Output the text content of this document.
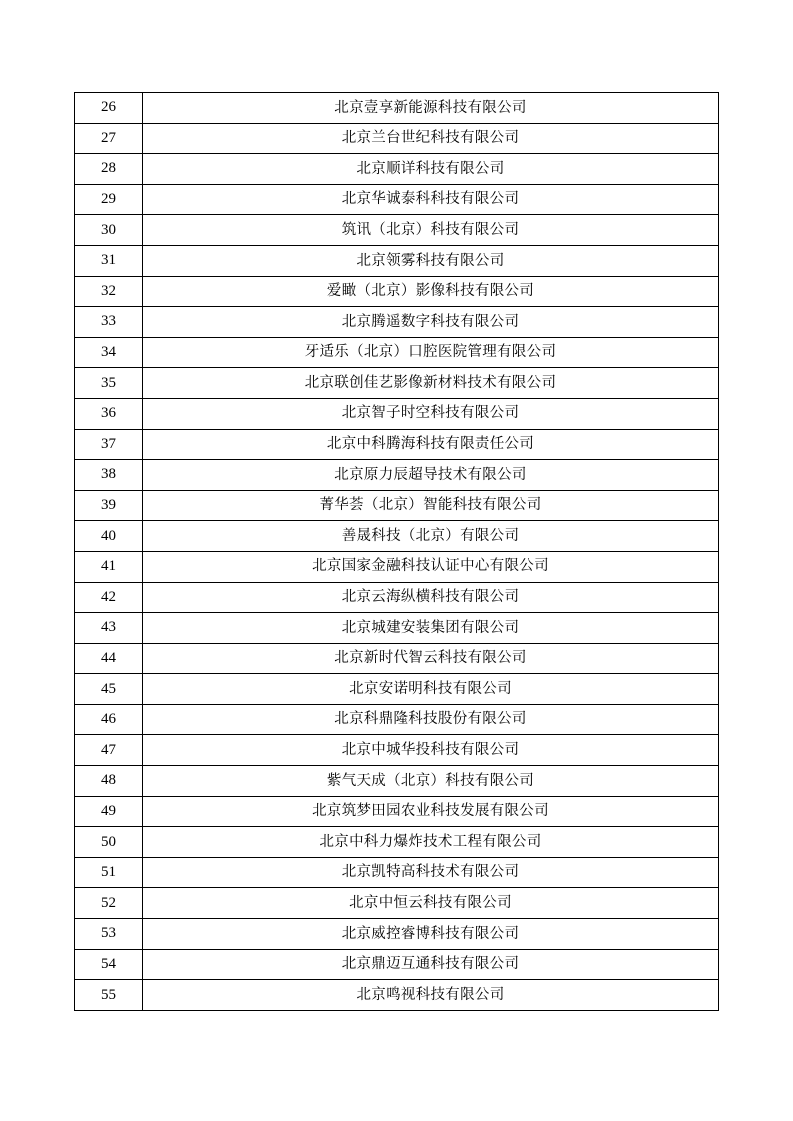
26	北京壹享新能源科技有限公司
27	北京兰台世纪科技有限公司
28	北京顺详科技有限公司
29	北京华诚泰科科技有限公司
30	筑讯（北京）科技有限公司
31	北京领雾科技有限公司
32	爱瞰（北京）影像科技有限公司
33	北京腾遥数字科技有限公司
34	牙适乐（北京）口腔医院管理有限公司
35	北京联创佳艺影像新材料技术有限公司
36	北京智子时空科技有限公司
37	北京中科腾海科技有限责任公司
38	北京原力辰超导技术有限公司
39	菁华荟（北京）智能科技有限公司
40	善晟科技（北京）有限公司
41	北京国家金融科技认证中心有限公司
42	北京云海纵横科技有限公司
43	北京城建安装集团有限公司
44	北京新时代智云科技有限公司
45	北京安诺明科技有限公司
46	北京科鼎隆科技股份有限公司
47	北京中城华投科技有限公司
48	紫气天成（北京）科技有限公司
49	北京筑梦田园农业科技发展有限公司
50	北京中科力爆炸技术工程有限公司
51	北京凯特高科技术有限公司
52	北京中恒云科技有限公司
53	北京威控睿博科技有限公司
54	北京鼎迈互通科技有限公司
55	北京鸣视科技有限公司
